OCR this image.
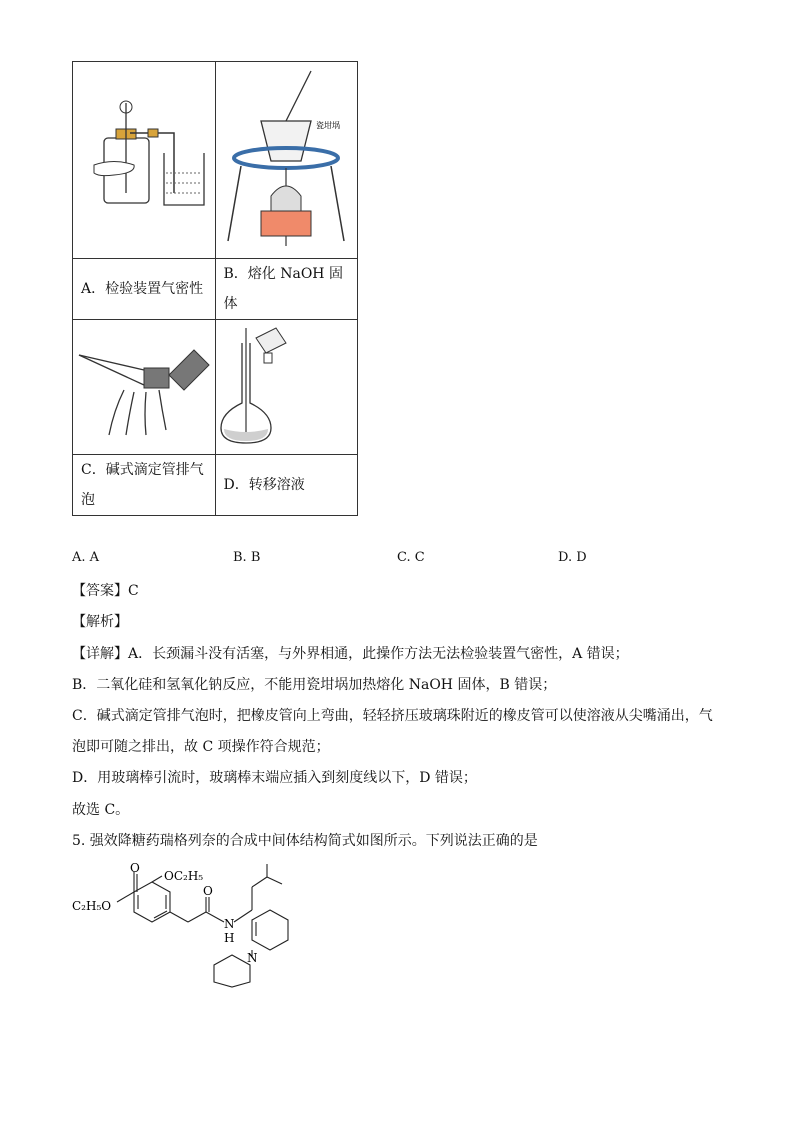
瓷坩埚

A．检验装置气密性	B．熔化 NaOH 固
体

C．碱式滴定管排气泡	D．转移溶液
A. A	B. B	C. C	D. D
【答案】C
【解析】
【详解】A．长颈漏斗没有活塞，与外界相通，此操作方法无法检验装置气密性，A 错误；
B．二氧化硅和氢氧化钠反应，不能用瓷坩埚加热熔化 NaOH 固体，B 错误；
C．碱式滴定管排气泡时，把橡皮管向上弯曲，轻轻挤压玻璃珠附近的橡皮管可以使溶液从尖嘴涌出，气
泡即可随之排出，故 C 项操作符合规范；
D．用玻璃棒引流时，玻璃棒末端应插入到刻度线以下，D 错误；
故选 C。
5. 强效降糖药瑞格列奈的合成中间体结构简式如图所示。下列说法正确的是
OC₂H₅
C₂H₅O
O
O
N
H
N
